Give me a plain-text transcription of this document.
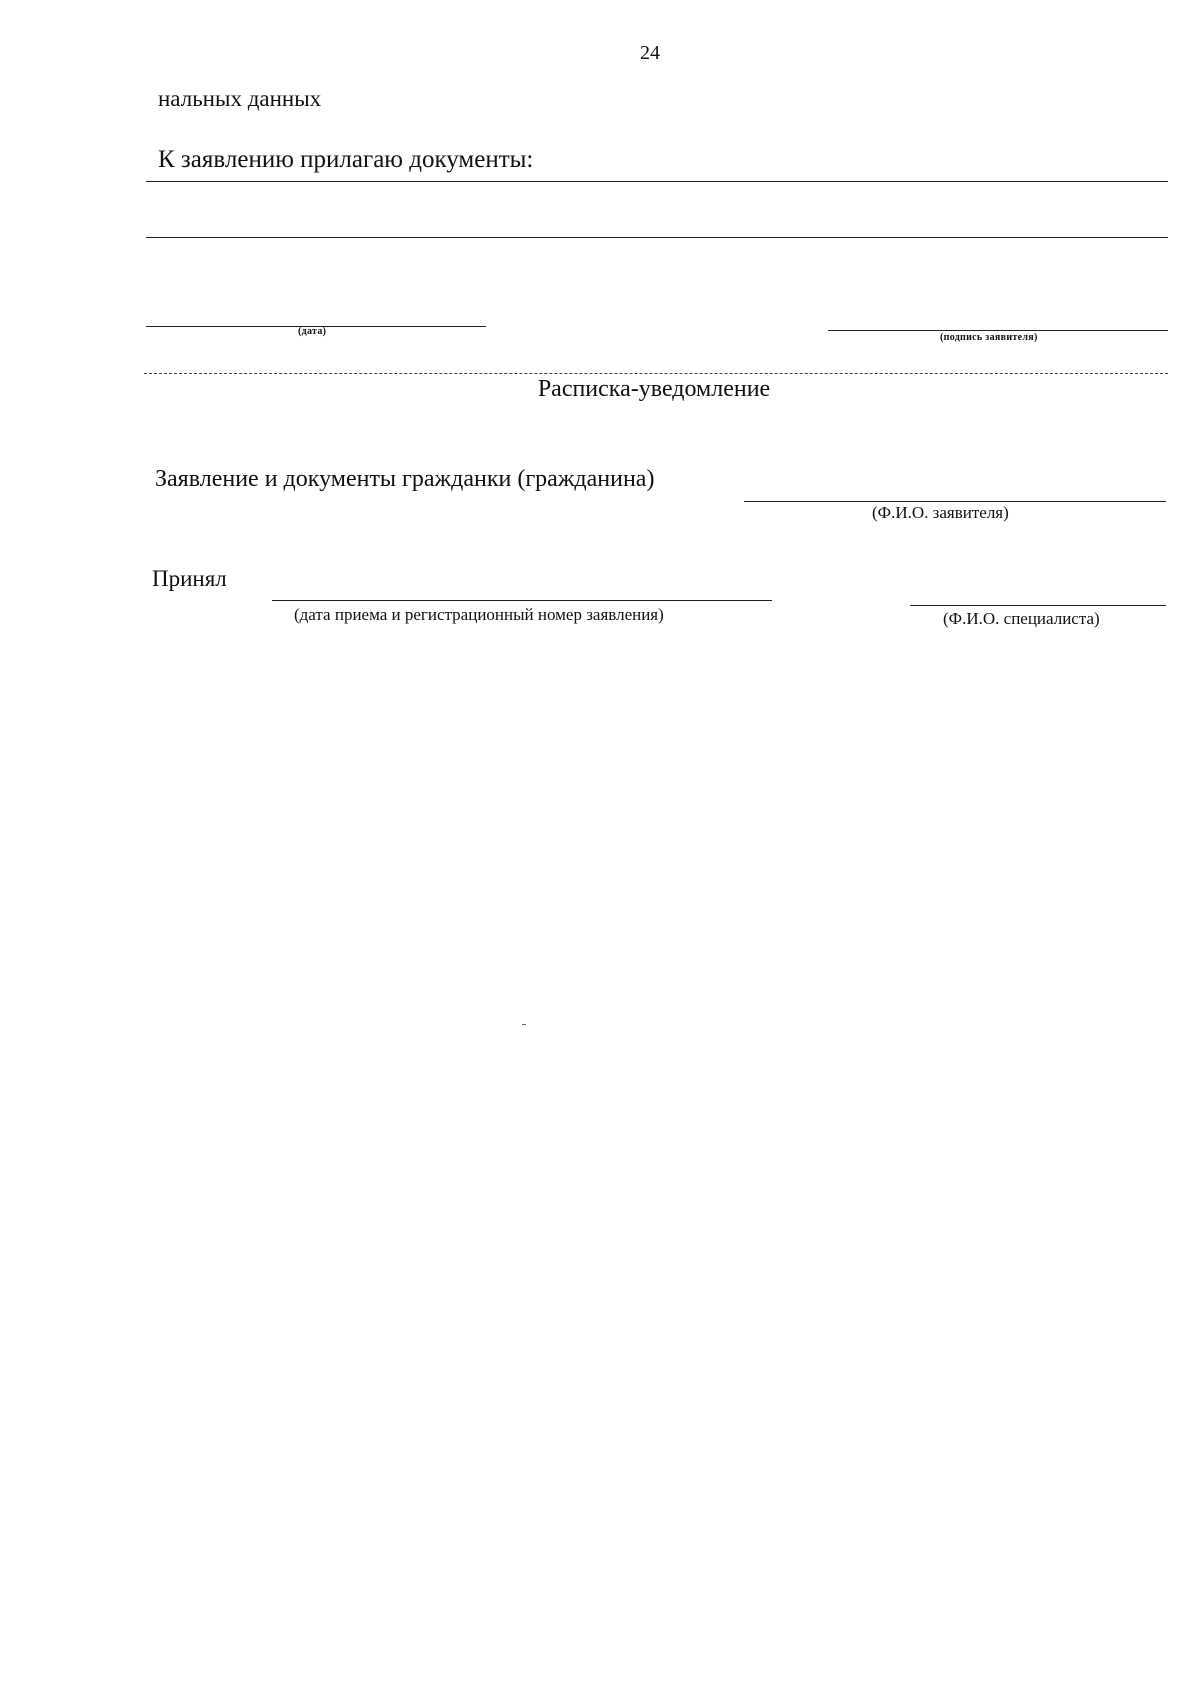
24
нальных данных
К заявлению прилагаю документы:
(дата)
(подпись заявителя)
Расписка-уведомление
Заявление и документы гражданки (гражданина)
(Ф.И.О. заявителя)
Принял
(дата приема и регистрационный номер заявления)	(Ф.И.О. специалиста)
